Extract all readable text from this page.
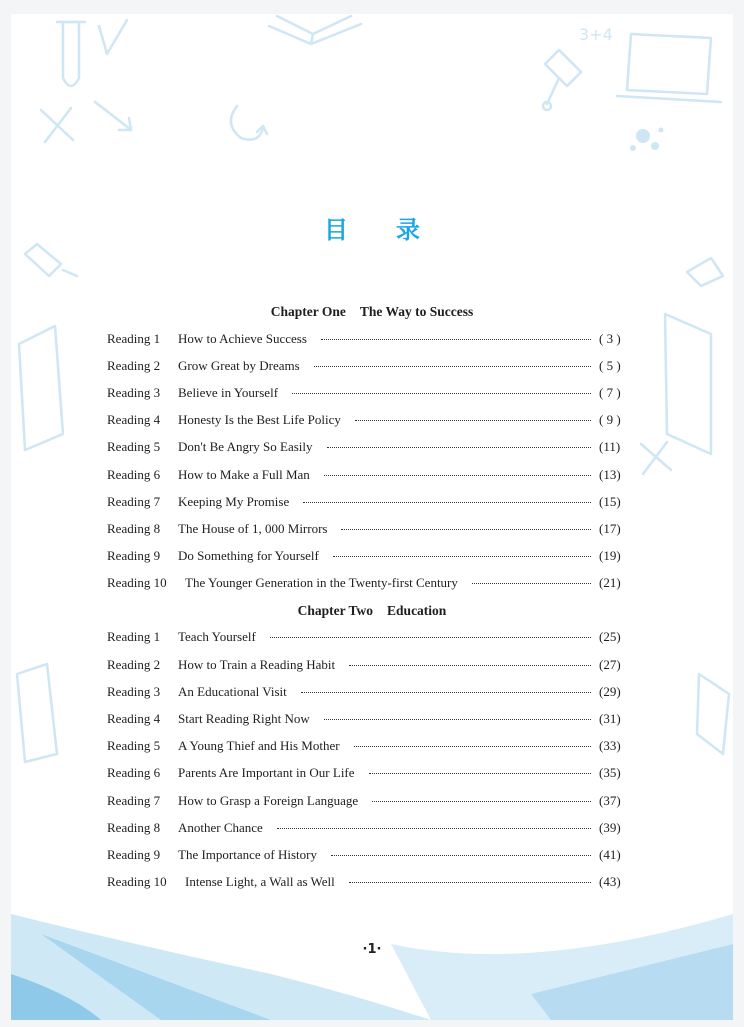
3+4
目 录
Chapter One The Way to Success
Reading 1	How to Achieve Success	( 3 )
Reading 2	Grow Great by Dreams	( 5 )
Reading 3	Believe in Yourself	( 7 )
Reading 4	Honesty Is the Best Life Policy	( 9 )
Reading 5	Don't Be Angry So Easily	(11)
Reading 6	How to Make a Full Man	(13)
Reading 7	Keeping My Promise	(15)
Reading 8	The House of 1, 000 Mirrors	(17)
Reading 9	Do Something for Yourself	(19)
Reading 10	The Younger Generation in the Twenty-first Century	(21)
Chapter Two Education
Reading 1	Teach Yourself	(25)
Reading 2	How to Train a Reading Habit	(27)
Reading 3	An Educational Visit	(29)
Reading 4	Start Reading Right Now	(31)
Reading 5	A Young Thief and His Mother	(33)
Reading 6	Parents Are Important in Our Life	(35)
Reading 7	How to Grasp a Foreign Language	(37)
Reading 8	Another Chance	(39)
Reading 9	The Importance of History	(41)
Reading 10	Intense Light, a Wall as Well	(43)
·1·
